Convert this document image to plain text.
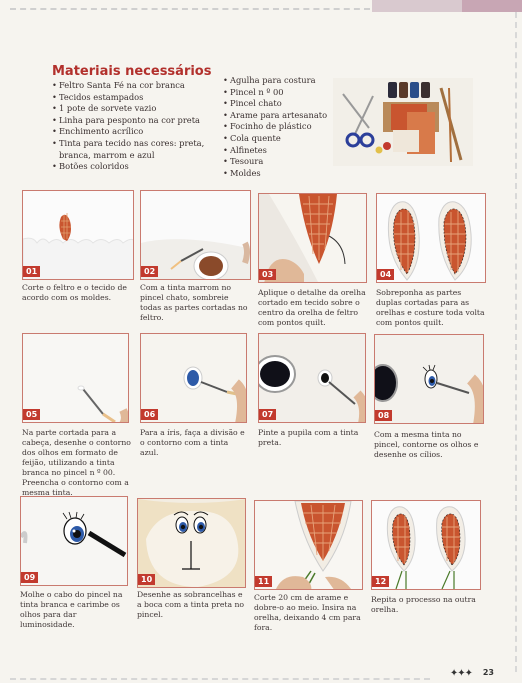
Materiais necessários
• Feltro Santa Fé na cor branca
• Tecidos estampados
• 1 pote de sorvete vazio
• Linha para pesponto na cor preta
• Enchimento acrílico
• Tinta para tecido nas cores: preta, branca, marrom e azul
• Botões coloridos
• Agulha para costura
• Pincel n º 00
• Pincel chato
• Arame para artesanato
• Focinho de plástico
• Cola quente
• Alfinetes
• Tesoura
• Moldes
01

Corte o feltro e o tecido de acordo com os moldes.

02

Com a tinta marrom no pincel chato, sombreie todas as partes cortadas no feltro.

03

Aplique o detalhe da orelha cortado em tecido sobre o centro da orelha de feltro com pontos quilt.

04

Sobreponha as partes duplas cortadas para as orelhas e costure toda volta com pontos quilt.

05

Na parte cortada para a cabeça, desenhe o contorno dos olhos em formato de feijão, utilizando a tinta branca no pincel n º 00. Preencha o contorno com a mesma tinta.

06

Para a íris, faça a divisão e o contorno com a tinta azul.

07

Pinte a pupila com a tinta preta.

08

Com a mesma tinta no pincel, contorne os olhos e desenhe os cílios.

09

Molhe o cabo do pincel na tinta branca e carimbe os olhos para dar luminosidade.

10

Desenhe as sobrancelhas e a boca com a tinta preta no pincel.

11

Corte 20 cm de arame e dobre-o ao meio. Insira na orelha, deixando 4 cm para fora.

12

Repita o processo na outra orelha.

✦✦✦ 23
